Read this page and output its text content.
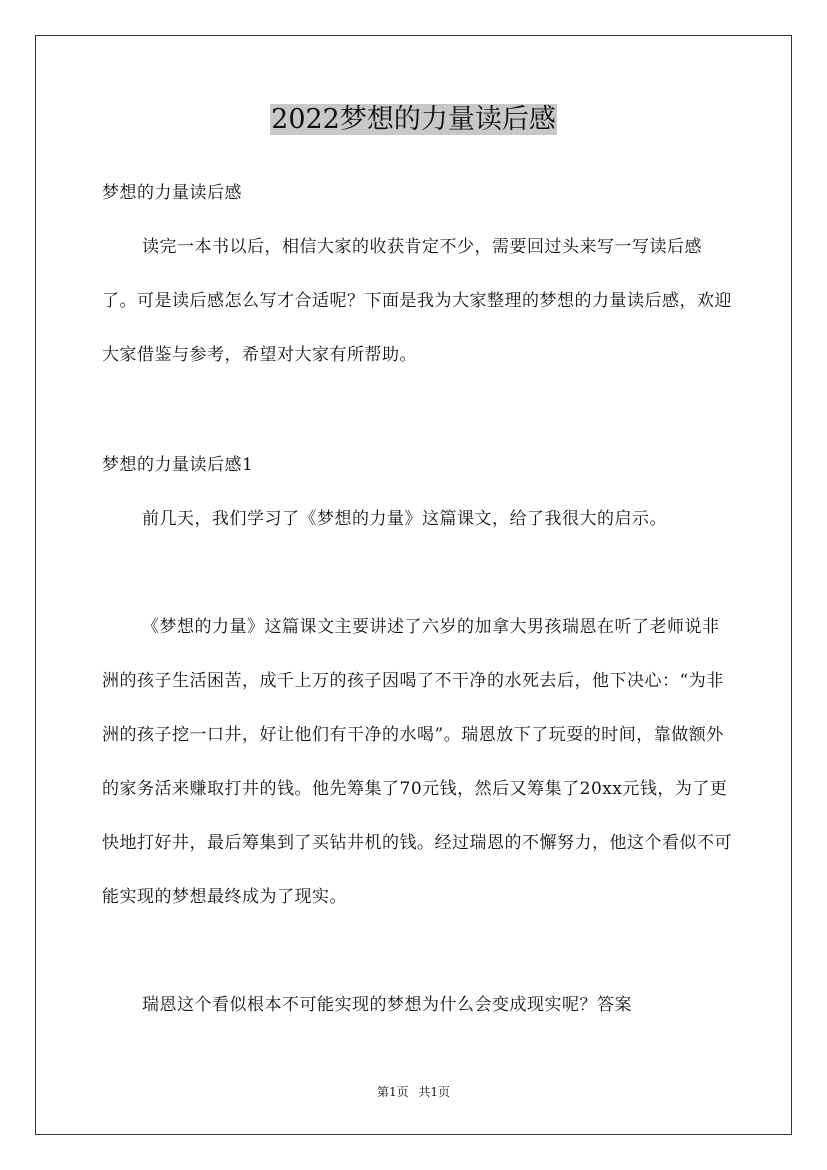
2022梦想的力量读后感

梦想的力量读后感

读完一本书以后，相信大家的收获肯定不少，需要回过头来写一写读后感了。可是读后感怎么写才合适呢？下面是我为大家整理的梦想的力量读后感，欢迎大家借鉴与参考，希望对大家有所帮助。

梦想的力量读后感1

前几天，我们学习了《梦想的力量》这篇课文，给了我很大的启示。

《梦想的力量》这篇课文主要讲述了六岁的加拿大男孩瑞恩在听了老师说非洲的孩子生活困苦，成千上万的孩子因喝了不干净的水死去后，他下决心：“为非洲的孩子挖一口井，好让他们有干净的水喝”。瑞恩放下了玩耍的时间，靠做额外的家务活来赚取打井的钱。他先筹集了70元钱，然后又筹集了20xx元钱，为了更快地打好井，最后筹集到了买钻井机的钱。经过瑞恩的不懈努力，他这个看似不可能实现的梦想最终成为了现实。

瑞恩这个看似根本不可能实现的梦想为什么会变成现实呢？答案

第1页 共1页
